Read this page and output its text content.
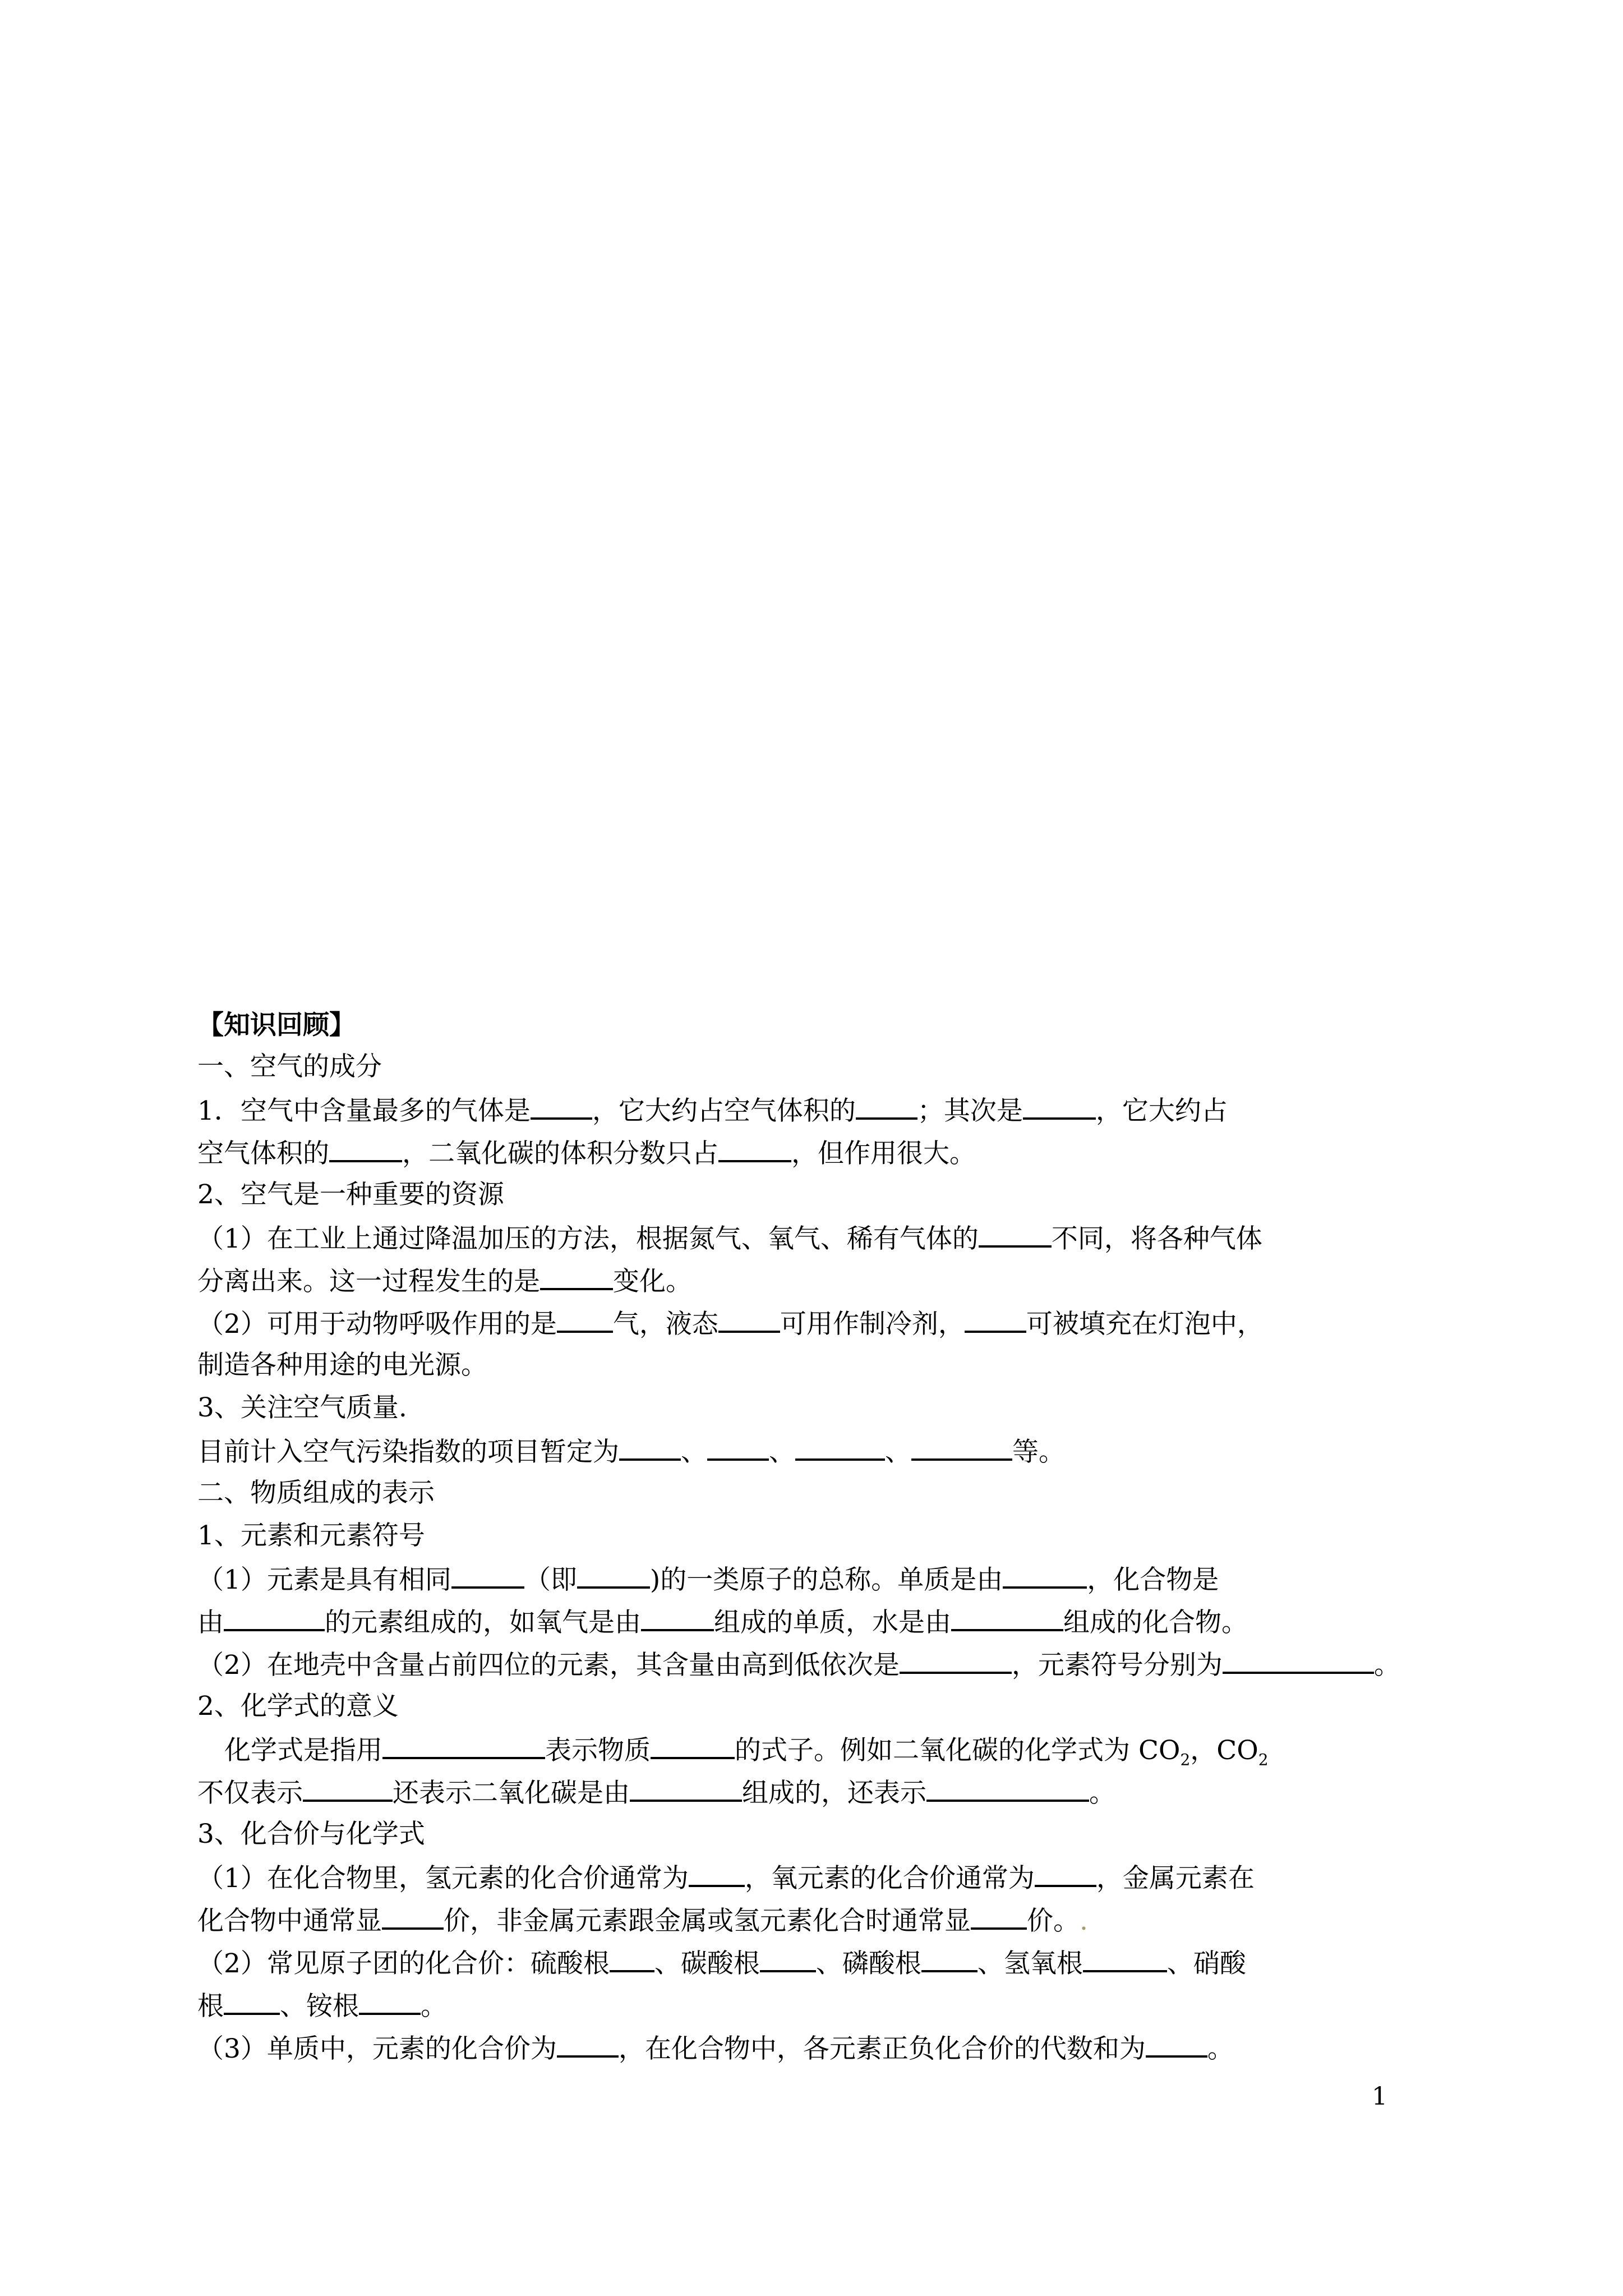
【知识回顾】
一、空气的成分
1．空气中含量最多的气体是 ，它大约占空气体积的 ；其次是	，它大约占
空气体积的	，二氧化碳的体积分数只占	，但作用很大。
2、空气是一种重要的资源
（1）在工业上通过降温加压的方法，根据氮气、氧气、稀有气体的	不同，将各种气体
分离出来。这一过程发生的是	变化。
（2）可用于动物呼吸作用的是 气，液态 可用作制冷剂， 可被填充在灯泡中，
制造各种用途的电光源。
3、关注空气质量.
目前计入空气污染指数的项目暂定为 、 、	、	等。
二、物质组成的表示
1、元素和元素符号
（1）元素是具有相同	（即	)的一类原子的总称。单质是由	，化合物是
由	的元素组成的，如氧气是由	组成的单质，水是由	组成的化合物。
（2）在地壳中含量占前四位的元素，其含量由高到低依次是	，元素符号分别为	。
2、化学式的意义
化学式是指用	表示物质	的式子。例如二氧化碳的化学式为 $CO_2$，$CO_2$
不仅表示	还表示二氧化碳是由	组成的，还表示	。
3、化合价与化学式
（1）在化合物里，氢元素的化合价通常为 ，氧元素的化合价通常为 ，金属元素在
化合物中通常显 价，非金属元素跟金属或氢元素化合时通常显 价。.
（2）常见原子团的化合价：硫酸根 、碳酸根 、磷酸根 、氢氧根	、硝酸
根 、铵根 。
（3）单质中，元素的化合价为 ，在化合物中，各元素正负化合价的代数和为 。
1
